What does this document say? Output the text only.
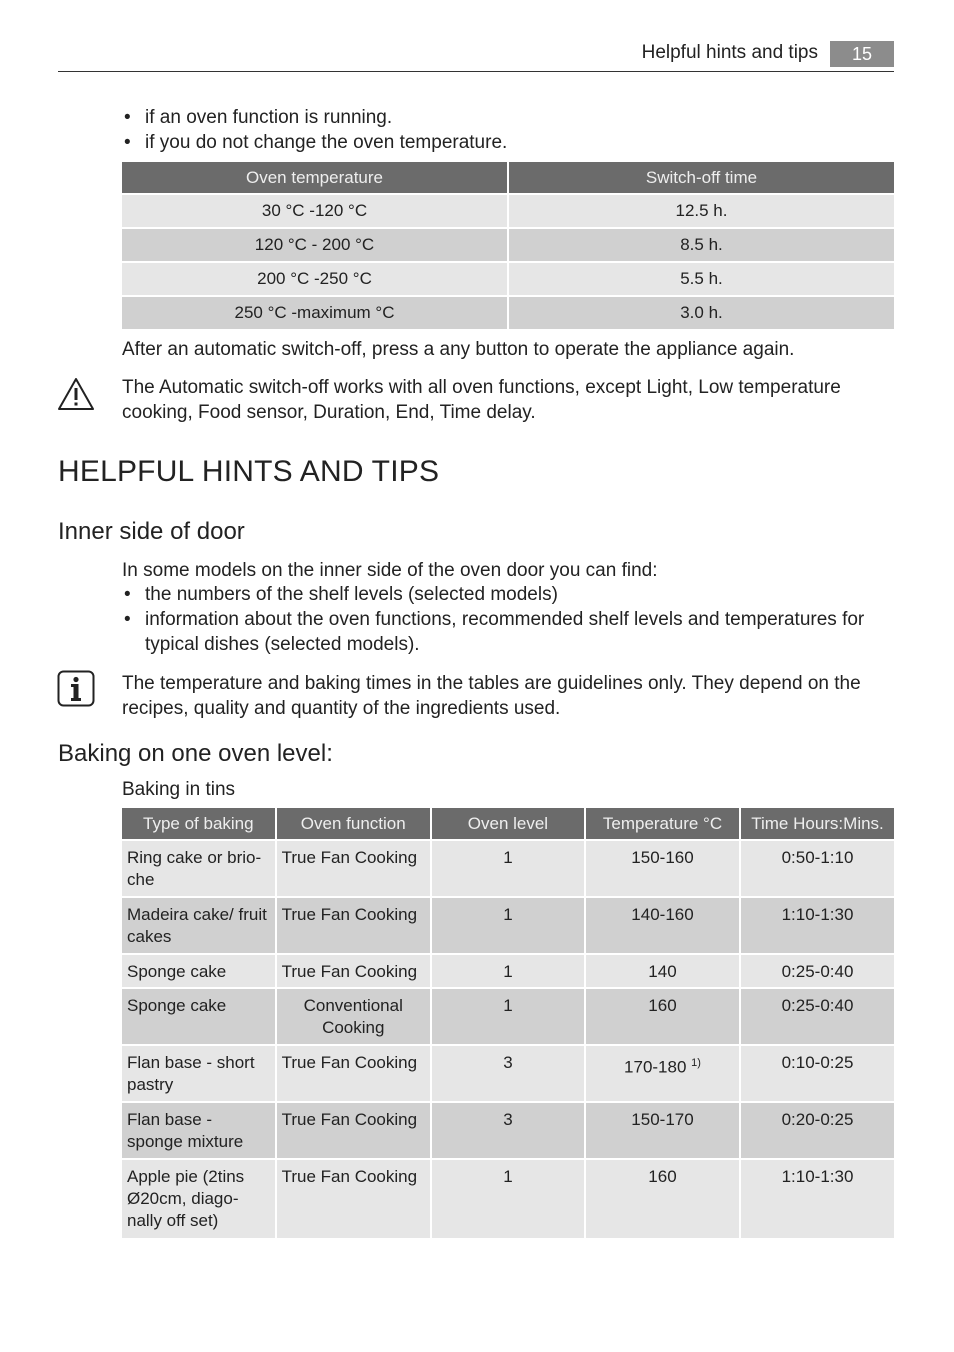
Helpful hints and tips	15
• if an oven function is running.
• if you do not change the oven temperature.
Oven temperature	Switch-off time
30 °C -120 °C	12.5 h.
120 °C - 200 °C	8.5 h.
200 °C -250 °C	5.5 h.
250 °C -maximum °C	3.0 h.

After an automatic switch-off, press a any button to operate the appliance again.

The Automatic switch-off works with all oven functions, except Light, Low temperature cooking, Food sensor, Duration, End, Time delay.

HELPFUL HINTS AND TIPS
Inner side of door

In some models on the inner side of the oven door you can find:

• the numbers of the shelf levels (selected models)
• information about the oven functions, recommended shelf levels and temperatures for typical dishes (selected models).

The temperature and baking times in the tables are guidelines only. They depend on the recipes, quality and quantity of the ingredients used.

Baking on one oven level:

Baking in tins

Type of baking	Oven function	Oven level	Temperature °C	Time Hours:Mins.
Ring cake or brio-che	True Fan Cooking	1	150-160	0:50-1:10
Madeira cake/ fruit cakes	True Fan Cooking	1	140-160	1:10-1:30
Sponge cake	True Fan Cooking	1	140	0:25-0:40
Sponge cake	Conventional Cooking	1	160	0:25-0:40
Flan base - short pastry	True Fan Cooking	3	170-180 $^{1)}$	0:10-0:25
Flan base - sponge mixture	True Fan Cooking	3	150-170	0:20-0:25
Apple pie (2tins Ø20cm, diago-nally off set)	True Fan Cooking	1	160	1:10-1:30
